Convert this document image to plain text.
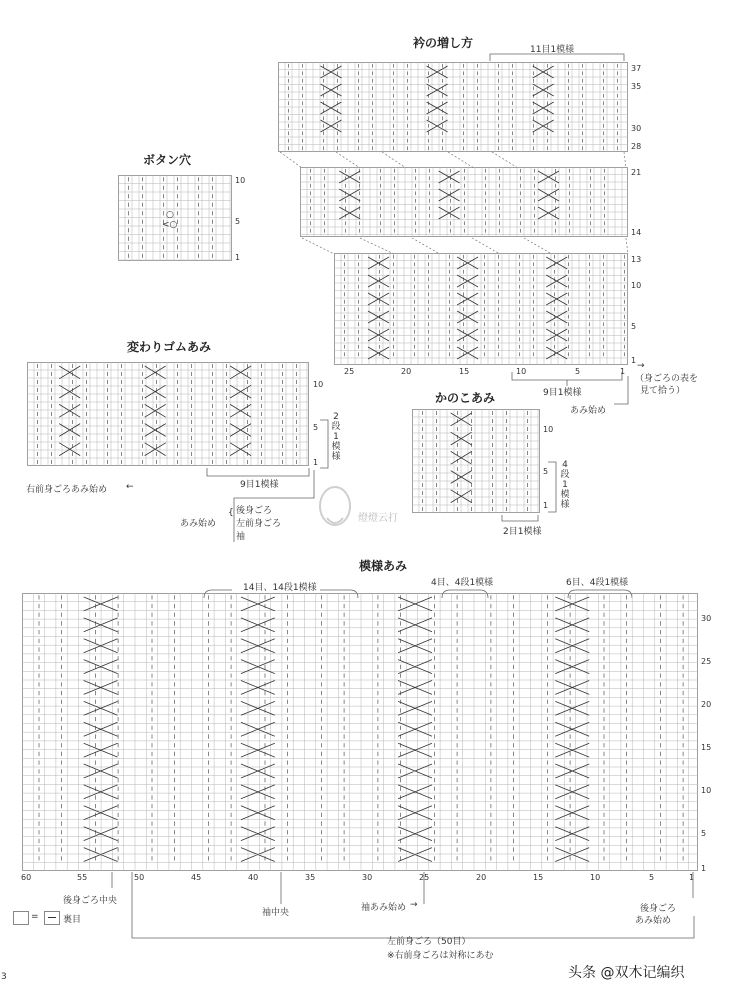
衿の増し方
ボタン穴
変わりゴムあみ
かのこあみ
模様あみ
11目1模様
37
35
30
28
21
14
13
10
5
1
25	20	15	10	5	1
9目1模様
→
（身ごろの表を
見て拾う）
あみ始め
○
<○
10
5
1
10
5
1
2段1模様
9目1模様
右前身ごろあみ始め ←
あみ始め
{ 後身ごろ
左前身ごろ
袖
燈燈云打
10
5
1
4段1模様
2目1模様
14目、14段1模様	4目、4段1模様	6目、4段1模様
30
25
20
15
10
5
1
60	55	50	45	40	35	30	25	20	15	10	5	1
後身ごろ中央
袖中央	袖あみ始め →	後身ごろ
あみ始め
左前身ごろ（50目）
※右前身ごろは対称にあむ
=	裏目
3	头条 @双木记编织
